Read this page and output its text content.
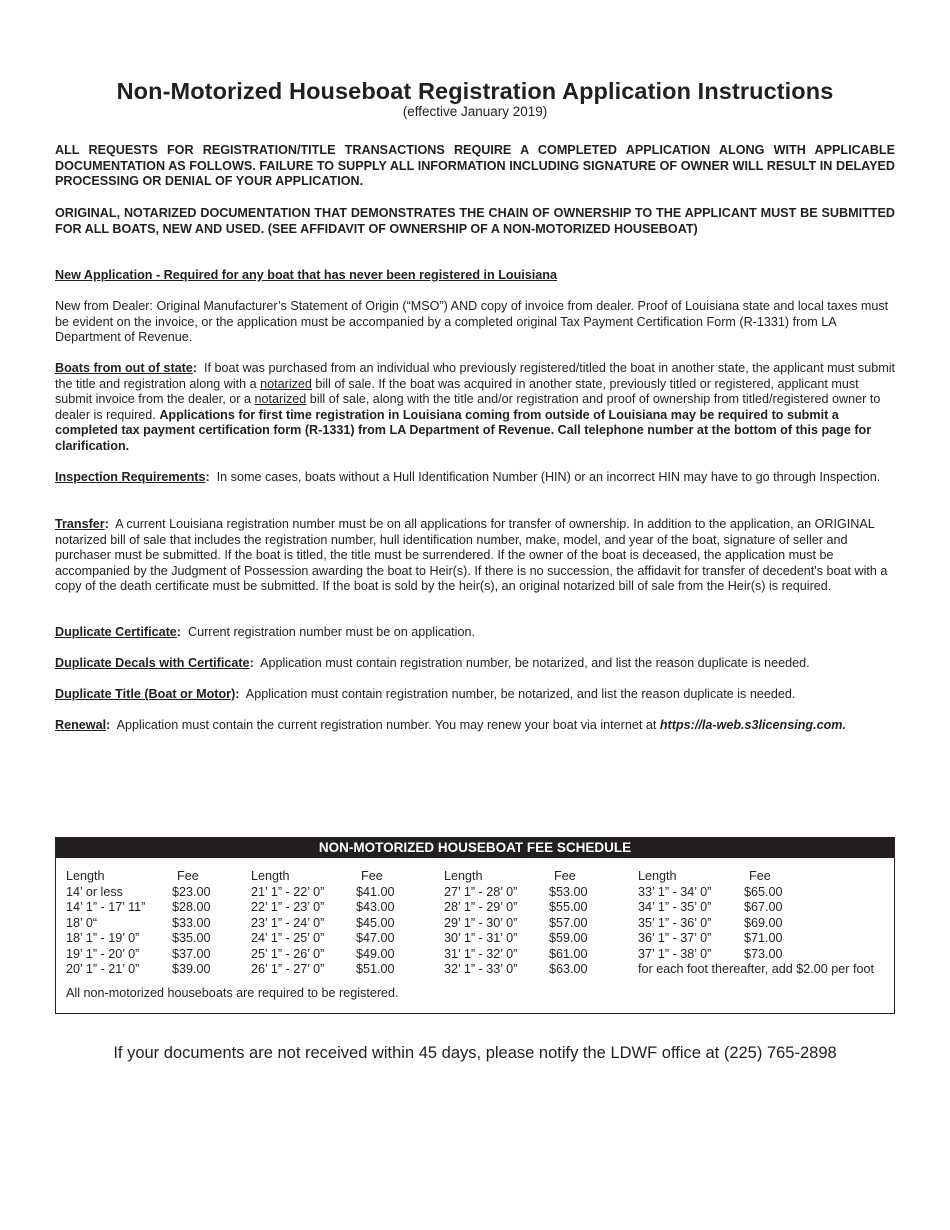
Non-Motorized Houseboat Registration Application Instructions
(effective January 2019)
ALL REQUESTS FOR REGISTRATION/TITLE TRANSACTIONS REQUIRE A COMPLETED APPLICATION ALONG WITH APPLICABLE DOCUMENTATION AS FOLLOWS. FAILURE TO SUPPLY ALL INFORMATION INCLUDING SIGNATURE OF OWNER WILL RESULT IN DELAYED PROCESSING OR DENIAL OF YOUR APPLICATION.
ORIGINAL, NOTARIZED DOCUMENTATION THAT DEMONSTRATES THE CHAIN OF OWNERSHIP TO THE APPLICANT MUST BE SUBMITTED FOR ALL BOATS, NEW AND USED. (SEE AFFIDAVIT OF OWNERSHIP OF A NON-MOTORIZED HOUSEBOAT)
New Application - Required for any boat that has never been registered in Louisiana
New from Dealer: Original Manufacturer’s Statement of Origin (“MSO”) AND copy of invoice from dealer. Proof of Louisiana state and local taxes must be evident on the invoice, or the application must be accompanied by a completed original Tax Payment Certification Form (R-1331) from LA Department of Revenue.
Boats from out of state: If boat was purchased from an individual who previously registered/titled the boat in another state, the applicant must submit the title and registration along with a notarized bill of sale. If the boat was acquired in another state, previously titled or registered, applicant must submit invoice from the dealer, or a notarized bill of sale, along with the title and/or registration and proof of ownership from titled/registered owner to dealer is required. Applications for first time registration in Louisiana coming from outside of Louisiana may be required to submit a completed tax payment certification form (R-1331) from LA Department of Revenue. Call telephone number at the bottom of this page for clarification.
Inspection Requirements: In some cases, boats without a Hull Identification Number (HIN) or an incorrect HIN may have to go through Inspection.
Transfer: A current Louisiana registration number must be on all applications for transfer of ownership. In addition to the application, an ORIGINAL notarized bill of sale that includes the registration number, hull identification number, make, model, and year of the boat, signature of seller and purchaser must be submitted. If the boat is titled, the title must be surrendered. If the owner of the boat is deceased, the application must be accompanied by the Judgment of Possession awarding the boat to Heir(s). If there is no succession, the affidavit for transfer of decedent's boat with a copy of the death certificate must be submitted. If the boat is sold by the heir(s), an original notarized bill of sale from the Heir(s) is required.
Duplicate Certificate: Current registration number must be on application.
Duplicate Decals with Certificate: Application must contain registration number, be notarized, and list the reason duplicate is needed.
Duplicate Title (Boat or Motor): Application must contain registration number, be notarized, and list the reason duplicate is needed.
Renewal: Application must contain the current registration number. You may renew your boat via internet at https://la-web.s3licensing.com.
NON-MOTORIZED HOUSEBOAT FEE SCHEDULE
Length	Fee
14’ or less	$23.00
14’ 1” - 17’ 11” $28.00
18’ 0“	$33.00
18’ 1” - 19’ 0”	$35.00
19’ 1” - 20’ 0”	$37.00
20’ 1” - 21’ 0”	$39.00
Length	Fee
21’ 1” - 22’ 0”	$41.00
22’ 1” - 23’ 0”	$43.00
23’ 1” - 24’ 0”	$45.00
24’ 1” - 25’ 0”	$47.00
25’ 1” - 26’ 0”	$49.00
26’ 1” - 27’ 0”	$51.00
Length	Fee
27’ 1” - 28’ 0”	$53.00
28’ 1” - 29’ 0”	$55.00
29’ 1” - 30’ 0”	$57.00
30’ 1” - 31’ 0”	$59.00
31’ 1” - 32’ 0”	$61.00
32’ 1” - 33’ 0”	$63.00
Length	Fee
33’ 1” - 34’ 0”	$65.00
34’ 1” - 35’ 0”	$67.00
35’ 1” - 36’ 0”	$69.00
36’ 1” - 37’ 0”	$71.00
37’ 1” - 38’ 0”	$73.00
for each foot thereafter, add $2.00 per foot
All non-motorized houseboats are required to be registered.
If your documents are not received within 45 days, please notify the LDWF office at (225) 765-2898
